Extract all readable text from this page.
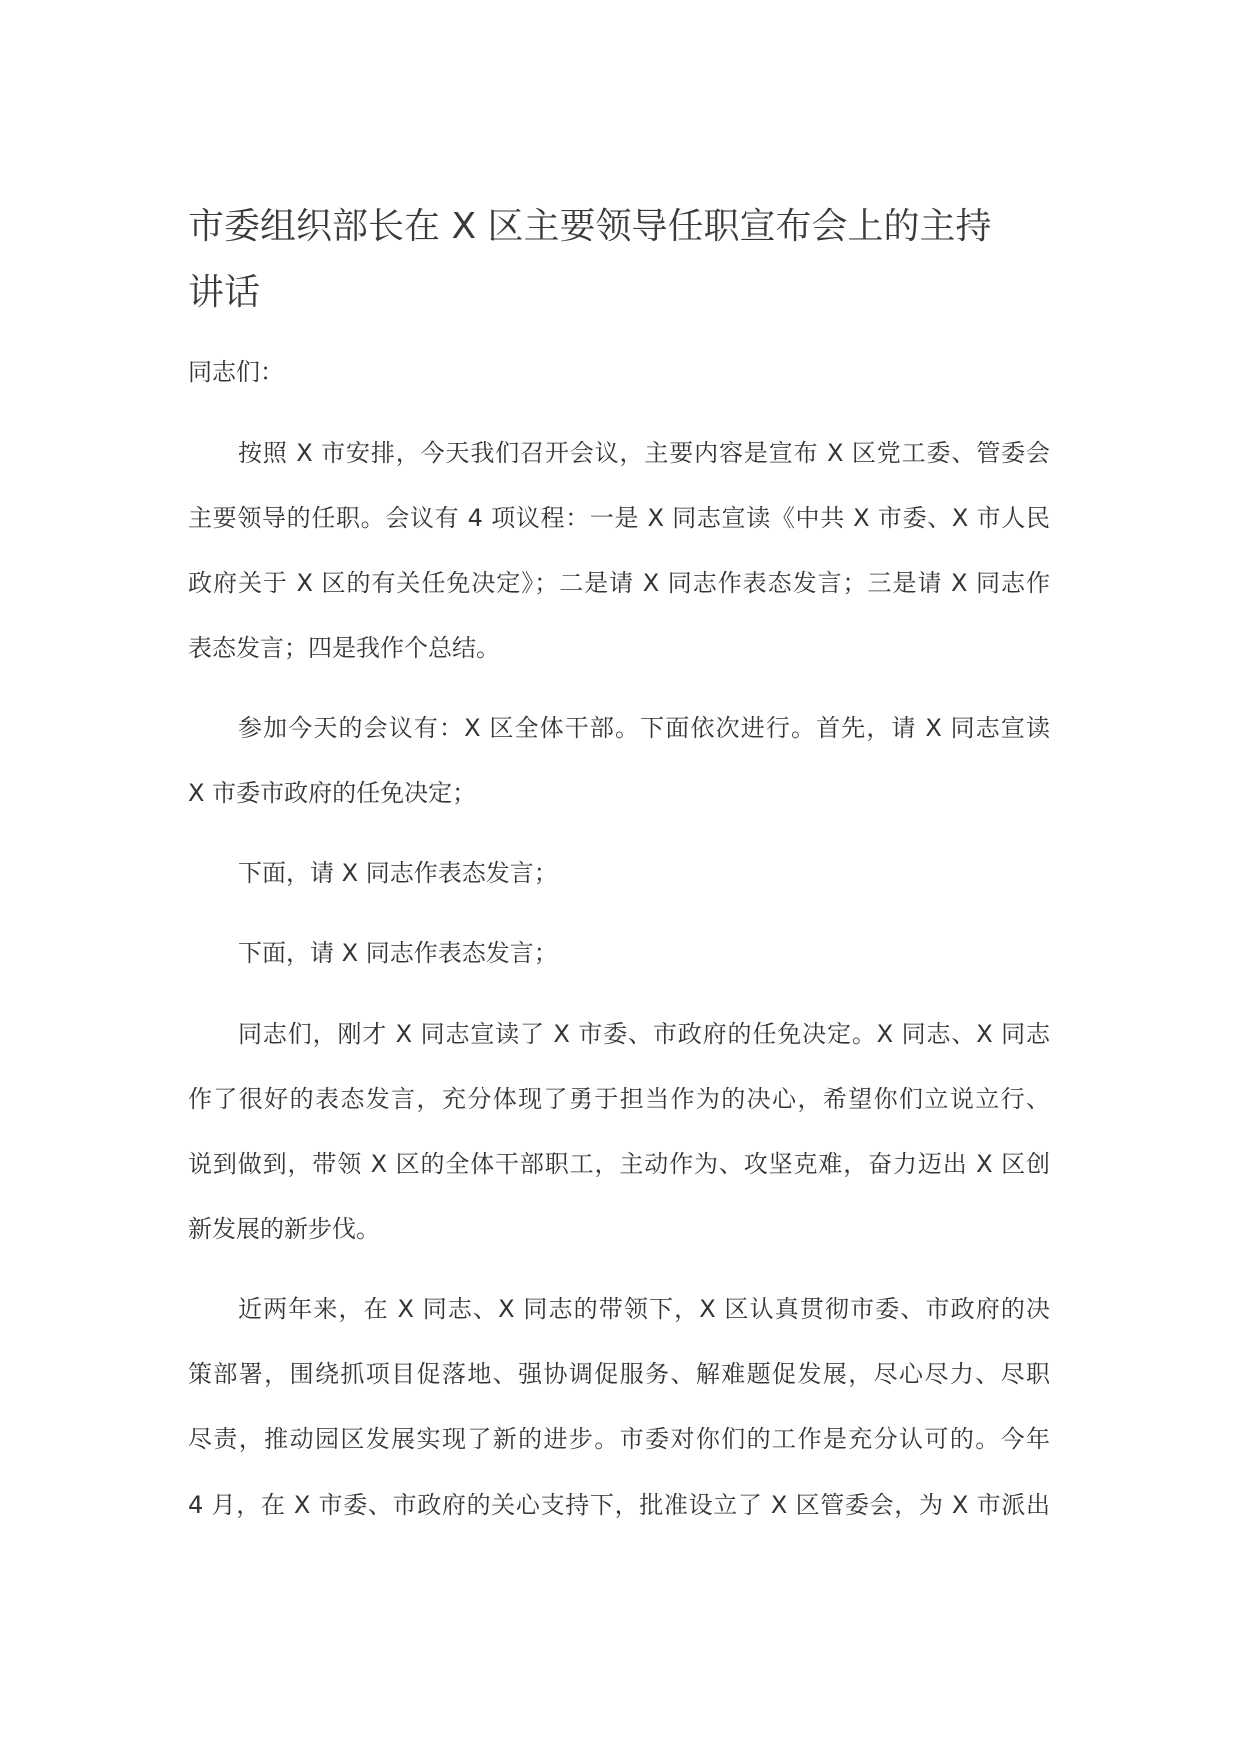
市委组织部长在 X 区主要领导任职宣布会上的主持
讲话
同志们：
按照 X 市安排，今天我们召开会议，主要内容是宣布 X 区党工委、管委会
主要领导的任职。会议有 4 项议程：一是 X 同志宣读《中共 X 市委、X 市人民
政府关于 X 区的有关任免决定》；二是请 X 同志作表态发言；三是请 X 同志作
表态发言；四是我作个总结。
参加今天的会议有：X 区全体干部。下面依次进行。首先，请 X 同志宣读
X 市委市政府的任免决定；
下面，请 X 同志作表态发言；
下面，请 X 同志作表态发言；
同志们，刚才 X 同志宣读了 X 市委、市政府的任免决定。X 同志、X 同志
作了很好的表态发言，充分体现了勇于担当作为的决心，希望你们立说立行、
说到做到，带领 X 区的全体干部职工，主动作为、攻坚克难，奋力迈出 X 区创
新发展的新步伐。
近两年来，在 X 同志、X 同志的带领下，X 区认真贯彻市委、市政府的决
策部署，围绕抓项目促落地、强协调促服务、解难题促发展，尽心尽力、尽职
尽责，推动园区发展实现了新的进步。市委对你们的工作是充分认可的。今年
4 月，在 X 市委、市政府的关心支持下，批准设立了 X 区管委会，为 X 市派出
